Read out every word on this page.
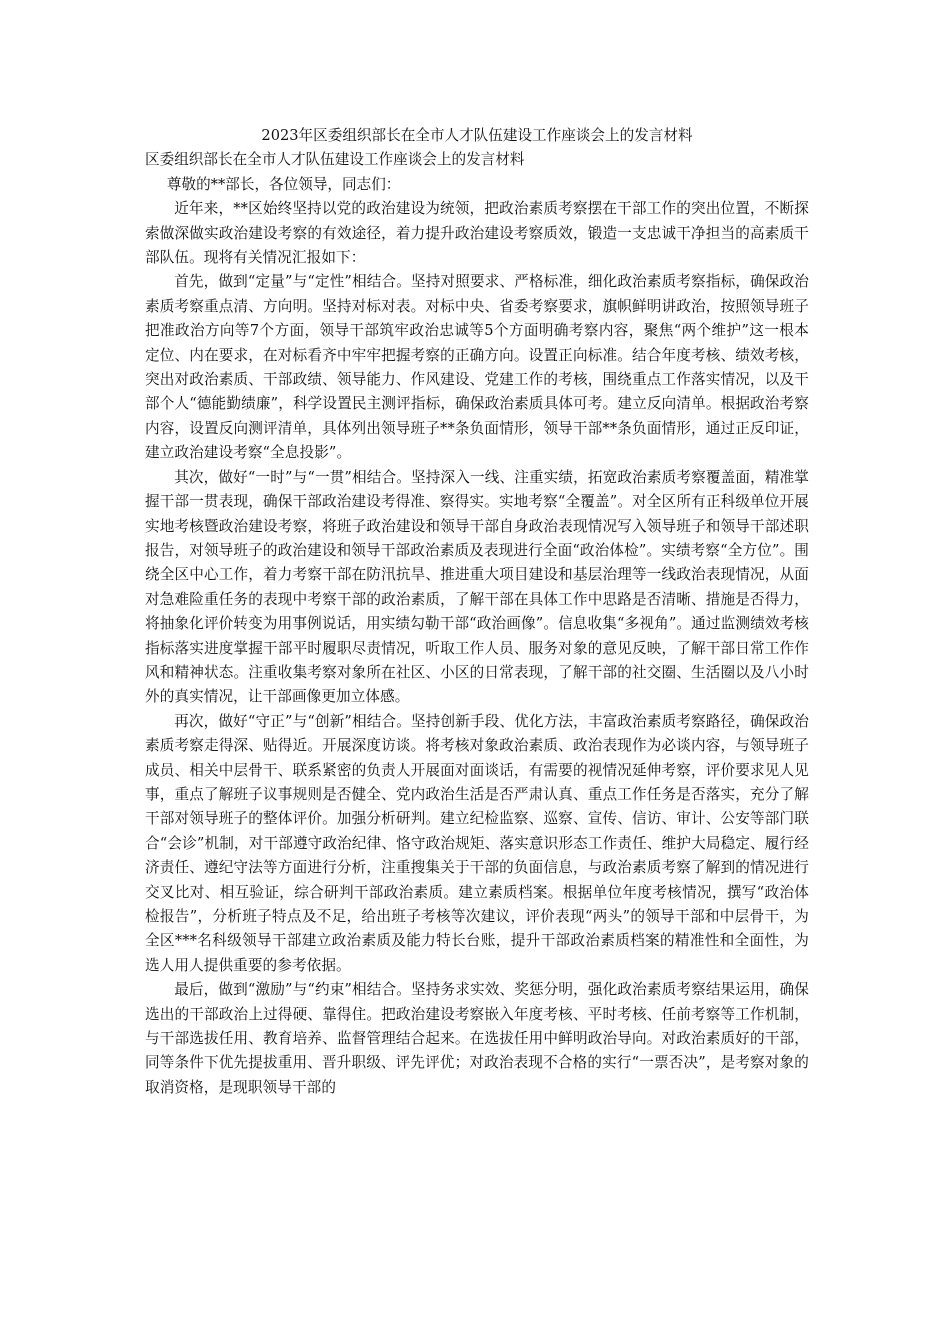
2023年区委组织部长在全市人才队伍建设工作座谈会上的发言材料

区委组织部长在全市人才队伍建设工作座谈会上的发言材料

尊敬的**部长，各位领导，同志们：

近年来，**区始终坚持以党的政治建设为统领，把政治素质考察摆在干部工作的突出位置，不断探索做深做实政治建设考察的有效途径，着力提升政治建设考察质效，锻造一支忠诚干净担当的高素质干部队伍。现将有关情况汇报如下：

首先，做到“定量”与“定性”相结合。坚持对照要求、严格标准，细化政治素质考察指标，确保政治素质考察重点清、方向明。坚持对标对表。对标中央、省委考察要求，旗帜鲜明讲政治，按照领导班子把准政治方向等7个方面，领导干部筑牢政治忠诚等5个方面明确考察内容，聚焦“两个维护”这一根本定位、内在要求，在对标看齐中牢牢把握考察的正确方向。设置正向标准。结合年度考核、绩效考核，突出对政治素质、干部政绩、领导能力、作风建设、党建工作的考核，围绕重点工作落实情况，以及干部个人“德能勤绩廉”，科学设置民主测评指标，确保政治素质具体可考。建立反向清单。根据政治考察内容，设置反向测评清单，具体列出领导班子**条负面情形，领导干部**条负面情形，通过正反印证，建立政治建设考察“全息投影”。

其次，做好“一时”与“一贯”相结合。坚持深入一线、注重实绩，拓宽政治素质考察覆盖面，精准掌握干部一贯表现，确保干部政治建设考得准、察得实。实地考察“全覆盖”。对全区所有正科级单位开展实地考核暨政治建设考察，将班子政治建设和领导干部自身政治表现情况写入领导班子和领导干部述职报告，对领导班子的政治建设和领导干部政治素质及表现进行全面“政治体检”。实绩考察“全方位”。围绕全区中心工作，着力考察干部在防汛抗旱、推进重大项目建设和基层治理等一线政治表现情况，从面对急难险重任务的表现中考察干部的政治素质，了解干部在具体工作中思路是否清晰、措施是否得力，将抽象化评价转变为用事例说话，用实绩勾勒干部“政治画像”。信息收集“多视角”。通过监测绩效考核指标落实进度掌握干部平时履职尽责情况，听取工作人员、服务对象的意见反映，了解干部日常工作作风和精神状态。注重收集考察对象所在社区、小区的日常表现，了解干部的社交圈、生活圈以及八小时外的真实情况，让干部画像更加立体感。

再次，做好“守正”与“创新”相结合。坚持创新手段、优化方法，丰富政治素质考察路径，确保政治素质考察走得深、贴得近。开展深度访谈。将考核对象政治素质、政治表现作为必谈内容，与领导班子成员、相关中层骨干、联系紧密的负责人开展面对面谈话，有需要的视情况延伸考察，评价要求见人见事，重点了解班子议事规则是否健全、党内政治生活是否严肃认真、重点工作任务是否落实，充分了解干部对领导班子的整体评价。加强分析研判。建立纪检监察、巡察、宣传、信访、审计、公安等部门联合“会诊”机制，对干部遵守政治纪律、恪守政治规矩、落实意识形态工作责任、维护大局稳定、履行经济责任、遵纪守法等方面进行分析，注重搜集关于干部的负面信息，与政治素质考察了解到的情况进行交叉比对、相互验证，综合研判干部政治素质。建立素质档案。根据单位年度考核情况，撰写“政治体检报告”，分析班子特点及不足，给出班子考核等次建议，评价表现“两头”的领导干部和中层骨干，为全区***名科级领导干部建立政治素质及能力特长台账，提升干部政治素质档案的精准性和全面性，为选人用人提供重要的参考依据。

最后，做到“激励”与“约束”相结合。坚持务求实效、奖惩分明，强化政治素质考察结果运用，确保选出的干部政治上过得硬、靠得住。把政治建设考察嵌入年度考核、平时考核、任前考察等工作机制，与干部选拔任用、教育培养、监督管理结合起来。在选拔任用中鲜明政治导向。对政治素质好的干部，同等条件下优先提拔重用、晋升职级、评先评优；对政治表现不合格的实行“一票否决”，是考察对象的取消资格，是现职领导干部的
